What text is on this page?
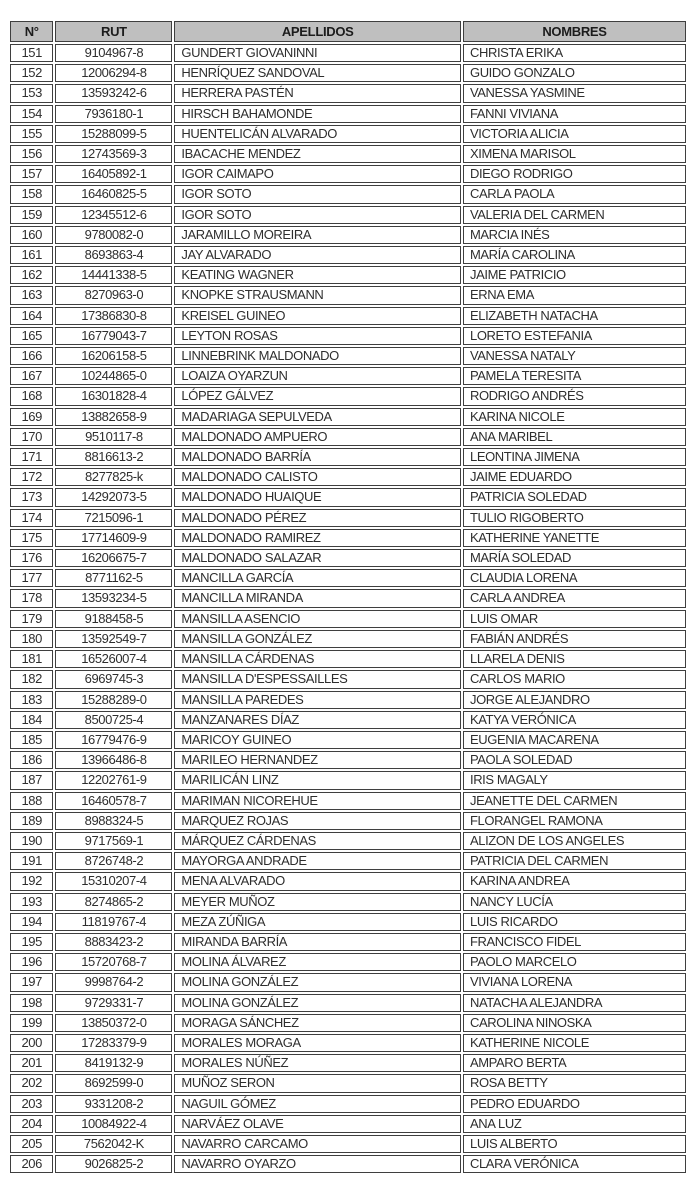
N°	RUT	APELLIDOS	NOMBRES
151	9104967-8	GUNDERT GIOVANINNI	CHRISTA ERIKA
152	12006294-8	HENRÍQUEZ SANDOVAL	GUIDO GONZALO
153	13593242-6	HERRERA PASTÉN	VANESSA YASMINE
154	7936180-1	HIRSCH BAHAMONDE	FANNI VIVIANA
155	15288099-5	HUENTELICÁN ALVARADO	VICTORIA ALICIA
156	12743569-3	IBACACHE MENDEZ	XIMENA MARISOL
157	16405892-1	IGOR CAIMAPO	DIEGO RODRIGO
158	16460825-5	IGOR SOTO	CARLA PAOLA
159	12345512-6	IGOR SOTO	VALERIA DEL CARMEN
160	9780082-0	JARAMILLO MOREIRA	MARCIA INÉS
161	8693863-4	JAY ALVARADO	MARÍA CAROLINA
162	14441338-5	KEATING WAGNER	JAIME PATRICIO
163	8270963-0	KNOPKE STRAUSMANN	ERNA EMA
164	17386830-8	KREISEL GUINEO	ELIZABETH NATACHA
165	16779043-7	LEYTON ROSAS	LORETO ESTEFANIA
166	16206158-5	LINNEBRINK MALDONADO	VANESSA NATALY
167	10244865-0	LOAIZA OYARZUN	PAMELA TERESITA
168	16301828-4	LÓPEZ GÁLVEZ	RODRIGO ANDRÉS
169	13882658-9	MADARIAGA SEPULVEDA	KARINA NICOLE
170	9510117-8	MALDONADO AMPUERO	ANA MARIBEL
171	8816613-2	MALDONADO BARRÍA	LEONTINA JIMENA
172	8277825-k	MALDONADO CALISTO	JAIME EDUARDO
173	14292073-5	MALDONADO HUAIQUE	PATRICIA SOLEDAD
174	7215096-1	MALDONADO PÉREZ	TULIO RIGOBERTO
175	17714609-9	MALDONADO RAMIREZ	KATHERINE YANETTE
176	16206675-7	MALDONADO SALAZAR	MARÍA SOLEDAD
177	8771162-5	MANCILLA GARCÍA	CLAUDIA LORENA
178	13593234-5	MANCILLA MIRANDA	CARLA ANDREA
179	9188458-5	MANSILLA ASENCIO	LUIS OMAR
180	13592549-7	MANSILLA GONZÁLEZ	FABIÁN ANDRÉS
181	16526007-4	MANSILLA CÁRDENAS	LLARELA DENIS
182	6969745-3	MANSILLA D'ESPESSAILLES	CARLOS MARIO
183	15288289-0	MANSILLA PAREDES	JORGE ALEJANDRO
184	8500725-4	MANZANARES DÍAZ	KATYA VERÓNICA
185	16779476-9	MARICOY GUINEO	EUGENIA MACARENA
186	13966486-8	MARILEO HERNANDEZ	PAOLA SOLEDAD
187	12202761-9	MARILICÁN LINZ	IRIS MAGALY
188	16460578-7	MARIMAN NICOREHUE	JEANETTE DEL CARMEN
189	8988324-5	MARQUEZ ROJAS	FLORANGEL RAMONA
190	9717569-1	MÁRQUEZ CÁRDENAS	ALIZON DE LOS ANGELES
191	8726748-2	MAYORGA ANDRADE	PATRICIA DEL CARMEN
192	15310207-4	MENA ALVARADO	KARINA ANDREA
193	8274865-2	MEYER MUÑOZ	NANCY LUCÍA
194	11819767-4	MEZA ZÚÑIGA	LUIS RICARDO
195	8883423-2	MIRANDA BARRÍA	FRANCISCO FIDEL
196	15720768-7	MOLINA ÁLVAREZ	PAOLO MARCELO
197	9998764-2	MOLINA GONZÁLEZ	VIVIANA LORENA
198	9729331-7	MOLINA GONZÁLEZ	NATACHA ALEJANDRA
199	13850372-0	MORAGA SÁNCHEZ	CAROLINA NINOSKA
200	17283379-9	MORALES MORAGA	KATHERINE NICOLE
201	8419132-9	MORALES NÚÑEZ	AMPARO BERTA
202	8692599-0	MUÑOZ SERON	ROSA BETTY
203	9331208-2	NAGUIL GÓMEZ	PEDRO EDUARDO
204	10084922-4	NARVÁEZ OLAVE	ANA LUZ
205	7562042-K	NAVARRO CARCAMO	LUIS ALBERTO
206	9026825-2	NAVARRO OYARZO	CLARA VERÓNICA
